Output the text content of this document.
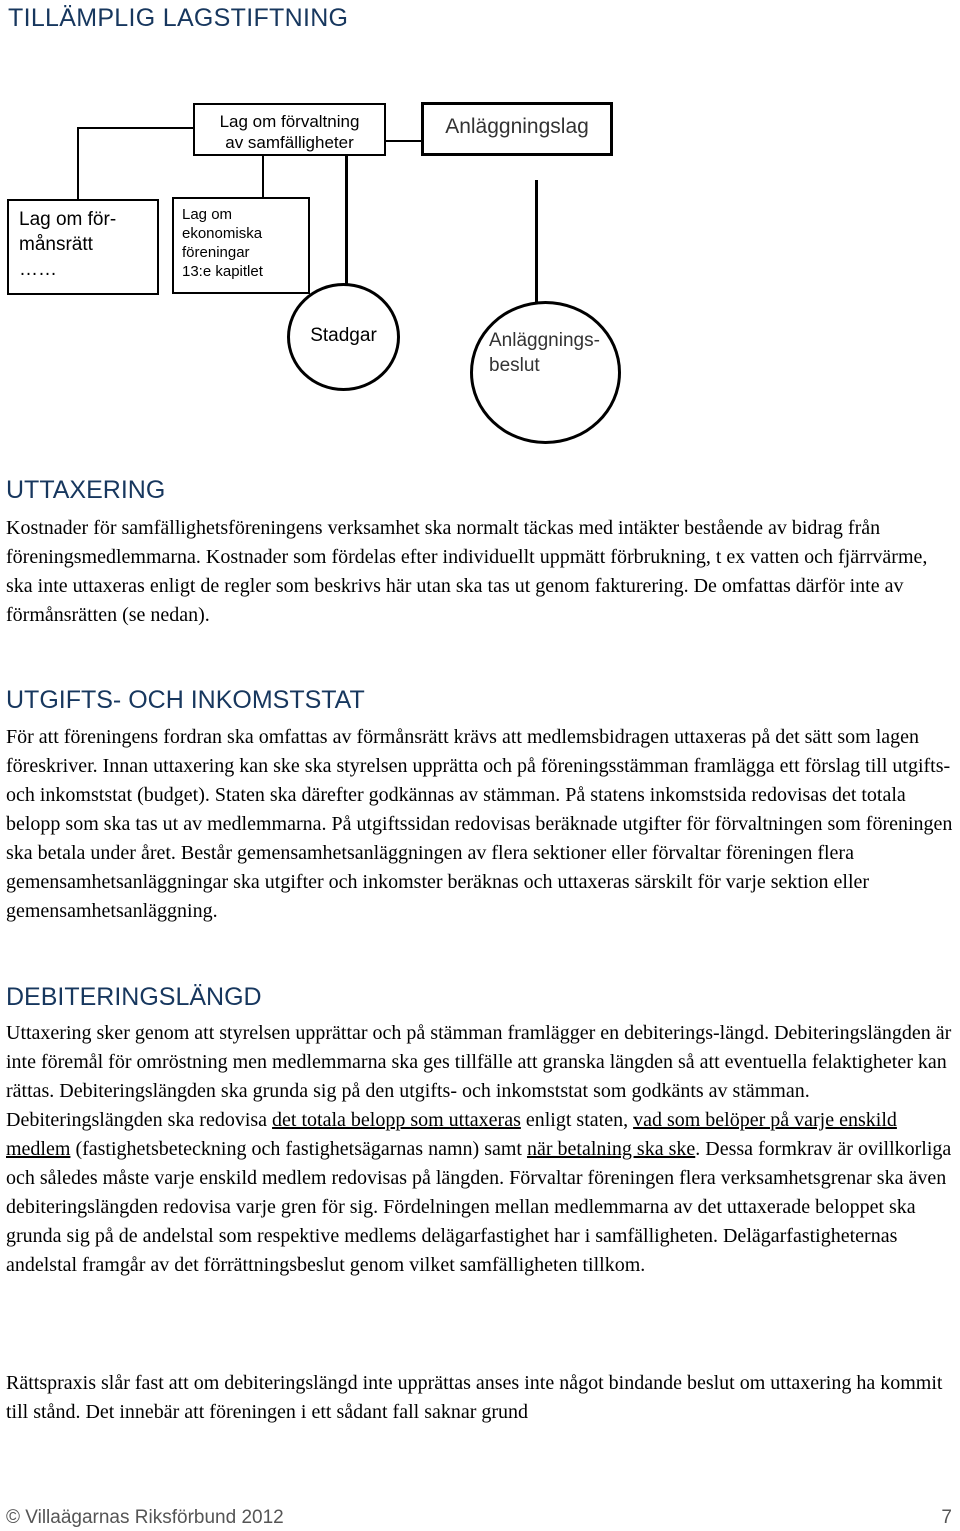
TILLÄMPLIG LAGSTIFTNING
Lag om förvaltning
av samfälligheter
Anläggningslag
Lag om för-
månsrätt
……
Lag om
ekonomiska
föreningar
13:e kapitlet
Stadgar	Anläggnings-
beslut
UTTAXERING

Kostnader för samfällighetsföreningens verksamhet ska normalt täckas med intäkter bestående av bidrag från föreningsmedlemmarna. Kostnader som fördelas efter individuellt uppmätt förbrukning, t ex vatten och fjärrvärme, ska inte uttaxeras enligt de regler som beskrivs här utan ska tas ut genom fakturering. De omfattas därför inte av förmånsrätten (se nedan).

UTGIFTS- OCH INKOMSTSTAT

För att föreningens fordran ska omfattas av förmånsrätt krävs att medlemsbidragen uttaxeras på det sätt som lagen föreskriver. Innan uttaxering kan ske ska styrelsen upprätta och på föreningsstämman framlägga ett förslag till utgifts- och inkomststat (budget). Staten ska därefter godkännas av stämman. På statens inkomstsida redovisas det totala belopp som ska tas ut av medlemmarna. På utgiftssidan redovisas beräknade utgifter för förvaltningen som föreningen ska betala under året. Består gemensamhetsanläggningen av flera sektioner eller förvaltar föreningen flera gemensamhetsanläggningar ska utgifter och inkomster beräknas och uttaxeras särskilt för varje sektion eller gemensamhetsanläggning.

DEBITERINGSLÄNGD

Uttaxering sker genom att styrelsen upprättar och på stämman framlägger en debiterings-längd. Debiteringslängden är inte föremål för omröstning men medlemmarna ska ges tillfälle att granska längden så att eventuella felaktigheter kan rättas. Debiteringslängden ska grunda sig på den utgifts- och inkomststat som godkänts av stämman. Debiteringslängden ska redovisa det totala belopp som uttaxeras enligt staten, vad som belöper på varje enskild medlem (fastighetsbeteckning och fastighetsägarnas namn) samt när betalning ska ske. Dessa formkrav är ovillkorliga och således måste varje enskild medlem redovisas på längden. Förvaltar föreningen flera verksamhetsgrenar ska även debiteringslängden redovisa varje gren för sig. Fördelningen mellan medlemmarna av det uttaxerade beloppet ska grunda sig på de andelstal som respektive medlems delägarfastighet har i samfälligheten. Delägarfastigheternas andelstal framgår av det förrättningsbeslut genom vilket samfälligheten tillkom.

Rättspraxis slår fast att om debiteringslängd inte upprättas anses inte något bindande beslut om uttaxering ha kommit till stånd. Det innebär att föreningen i ett sådant fall saknar grund

© Villaägarnas Riksförbund 2012	7
